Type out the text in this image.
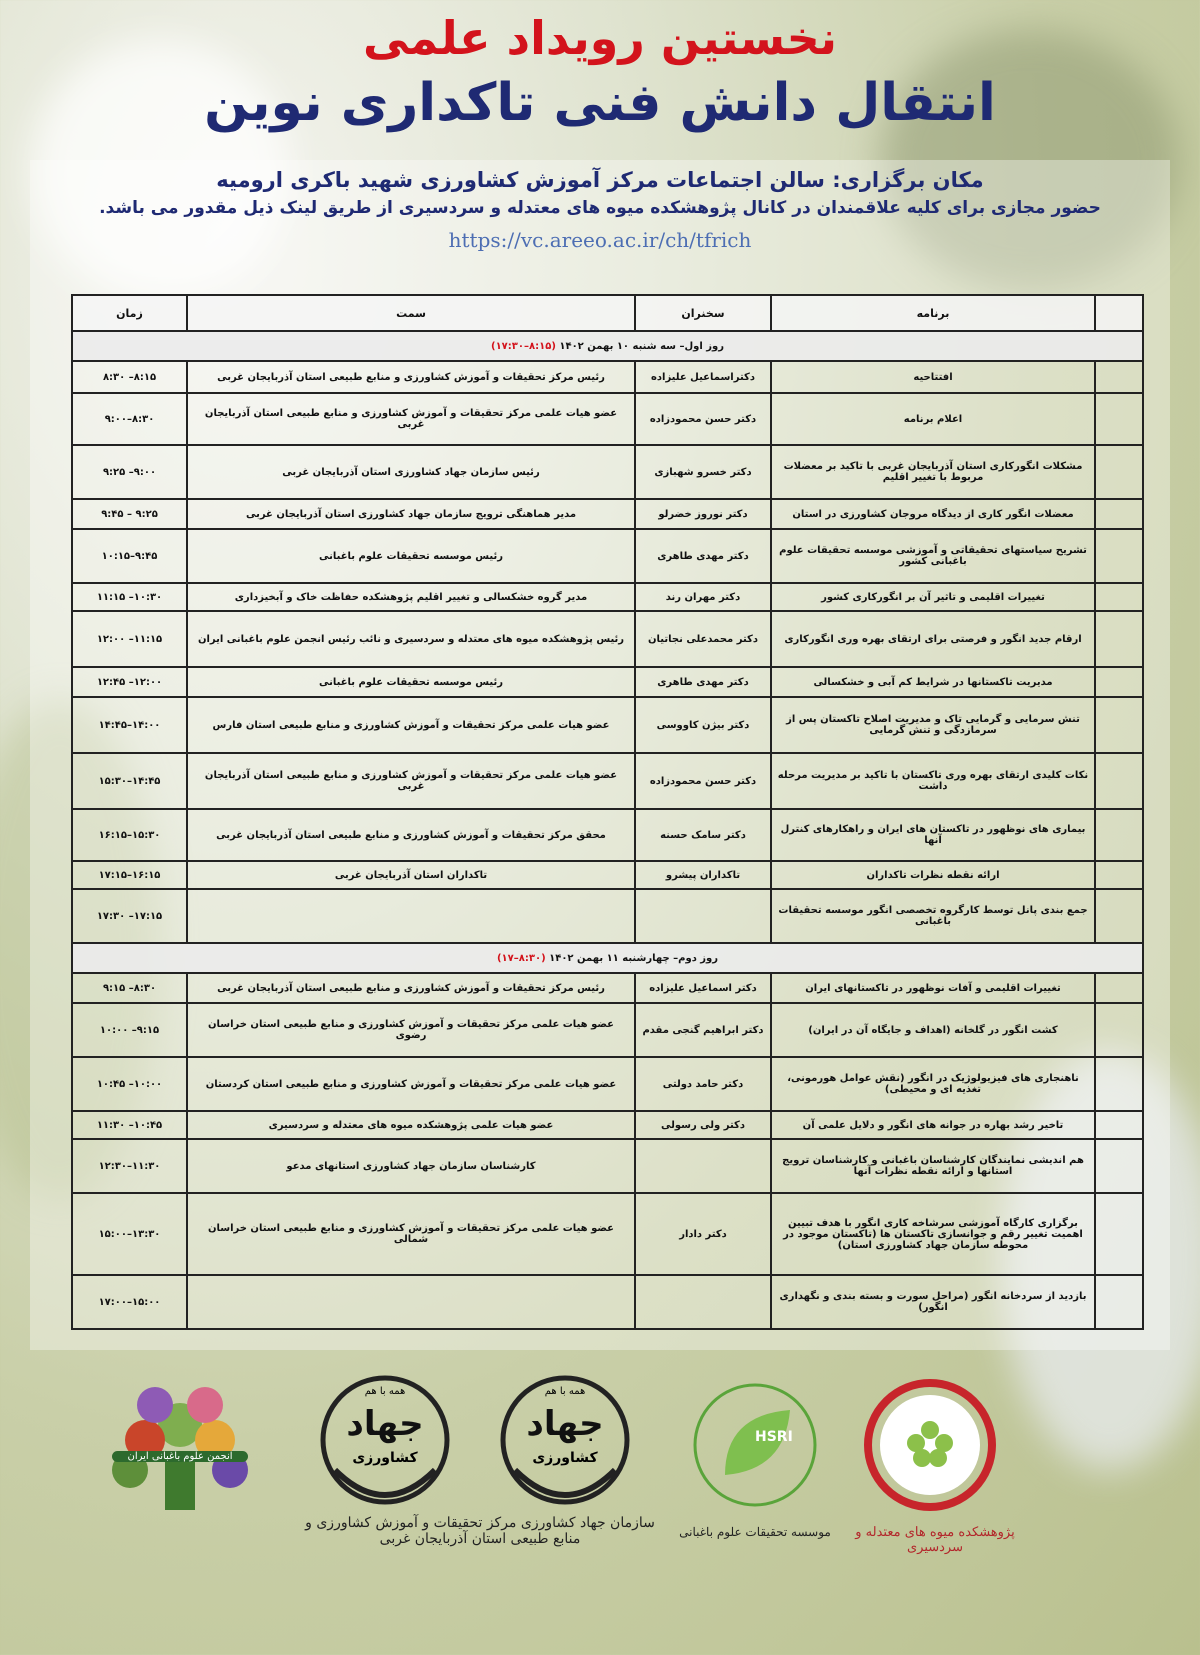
نخستین رویداد علمی
انتقال دانش فنی تاکداری نوین
مکان برگزاری: سالن اجتماعات مرکز آموزش کشاورزی شهید باکری ارومیه
حضور مجازی برای کلیه علاقمندان در کانال پژوهشکده میوه های معتدله و سردسیری از طریق لینک ذیل مقدور می باشد.
https://vc.areeo.ac.ir/ch/tfrich
	برنامه	سخنران	سمت	زمان
روز اول– سه شنبه ۱۰ بهمن ۱۴۰۲ (۸:۱۵–۱۷:۳۰)				
	افتتاحیه	دکتراسماعیل علیزاده	رئیس مرکز تحقیقات و آموزش کشاورزی و منابع طبیعی استان آذربایجان غربی	۸:۱۵– ۸:۳۰
	اعلام برنامه	دکتر حسن محمودزاده	عضو هیات علمی مرکز تحقیقات و آموزش کشاورزی و منابع طبیعی استان آذربایجان غربی	۸:۳۰–۹:۰۰
	مشکلات انگورکاری استان آذربایجان غربی با تاکید بر معضلات مربوط با تغییر اقلیم	دکتر خسرو شهبازی	رئیس سازمان جهاد کشاورزی استان آذربایجان غربی	۹:۰۰– ۹:۲۵
	معضلات انگور کاری از دیدگاه مروجان کشاورزی در استان	دکتر نوروز خضرلو	مدیر هماهنگی ترویج سازمان جهاد کشاورزی استان آذربایجان غربی	۹:۲۵ – ۹:۴۵
	تشریح سیاستهای تحقیقاتی و آموزشی موسسه تحقیقات علوم باغبانی کشور	دکتر مهدی طاهری	رئیس موسسه تحقیقات علوم باغبانی	۹:۴۵–۱۰:۱۵
	تغییرات اقلیمی و تاثیر آن بر انگورکاری کشور	دکتر مهران رند	مدیر گروه خشکسالی و تغییر اقلیم پژوهشکده حفاظت خاک و آبخیزداری	۱۰:۳۰– ۱۱:۱۵
	ارقام جدید انگور و فرصتی برای ارتقای بهره وری انگورکاری	دکتر محمدعلی نجاتیان	رئیس پژوهشکده میوه های معتدله و سردسیری و نائب رئیس انجمن علوم باغبانی ایران	۱۱:۱۵– ۱۲:۰۰
	مدیریت تاکستانها در شرایط کم آبی و خشکسالی	دکتر مهدی طاهری	رئیس موسسه تحقیقات علوم باغبانی	۱۲:۰۰– ۱۲:۴۵
	تنش سرمایی و گرمایی تاک و مدیریت اصلاح تاکستان پس از سرمازدگی و تنش گرمایی	دکتر بیژن کاووسی	عضو هیات علمی مرکز تحقیقات و آموزش کشاورزی و منابع طبیعی استان فارس	۱۴:۰۰–۱۴:۴۵
	نکات کلیدی ارتقای بهره وری تاکستان با تاکید بر مدیریت مرحله داشت	دکتر حسن محمودزاده	عضو هیات علمی مرکز تحقیقات و آموزش کشاورزی و منابع طبیعی استان آذربایجان غربی	۱۴:۴۵–۱۵:۳۰
	بیماری های نوظهور در تاکستان های ایران و راهکارهای کنترل آنها	دکتر سامک حسنه	محقق مرکز تحقیقات و آموزش کشاورزی و منابع طبیعی استان آذربایجان غربی	۱۵:۳۰–۱۶:۱۵
	ارائه نقطه نظرات تاکداران	تاکداران پیشرو	تاکداران استان آذربایجان غربی	۱۶:۱۵–۱۷:۱۵
	جمع بندی پانل توسط کارگروه تخصصی انگور موسسه تحقیقات باغبانی			۱۷:۱۵– ۱۷:۳۰
روز دوم– چهارشنبه ۱۱ بهمن ۱۴۰۲ (۸:۳۰–۱۷)				
	تغییرات اقلیمی و آفات نوظهور در تاکستانهای ایران	دکتر اسماعیل علیزاده	رئیس مرکز تحقیقات و آموزش کشاورزی و منابع طبیعی استان آذربایجان غربی	۸:۳۰– ۹:۱۵
	کشت انگور در گلخانه (اهداف و جایگاه آن در ایران)	دکتر ابراهیم گنجی مقدم	عضو هیات علمی مرکز تحقیقات و آموزش کشاورزی و منابع طبیعی استان خراسان رضوی	۹:۱۵– ۱۰:۰۰
	ناهنجاری های فیزیولوژیک در انگور (نقش عوامل هورمونی، تغذیه ای و محیطی)	دکتر حامد دولتی	عضو هیات علمی مرکز تحقیقات و آموزش کشاورزی و منابع طبیعی استان کردستان	۱۰:۰۰– ۱۰:۴۵
	تاخیر رشد بهاره در جوانه های انگور و دلایل علمی آن	دکتر ولی رسولی	عضو هیات علمی پژوهشکده میوه های معتدله و سردسیری	۱۰:۴۵– ۱۱:۳۰
	هم اندیشی نمایندگان کارشناسان باغبانی و کارشناسان ترویج استانها و ارائه نقطه نظرات آنها		کارشناسان سازمان جهاد کشاورزی استانهای مدعو	۱۱:۳۰–۱۲:۳۰
	برگزاری کارگاه آموزشی سرشاخه کاری انگور با هدف تبیین اهمیت تغییر رقم و جوانسازی تاکستان ها (تاکستان موجود در محوطه سازمان جهاد کشاورزی استان)	دکتر دادار	عضو هیات علمی مرکز تحقیقات و آموزش کشاورزی و منابع طبیعی استان خراسان شمالی	۱۳:۳۰–۱۵:۰۰
	بازدید از سردخانه انگور (مراحل سورت و بسته بندی و نگهداری انگور)			۱۵:۰۰–۱۷:۰۰
انجمن علوم باغبانی ایران
همه با هم
جهاد
کشاورزی
همه با هم
جهاد
کشاورزی
HSRI
سازمان جهاد کشاورزی مرکز تحقیقات و آموزش کشاورزی و منابع طبیعی استان آذربایجان غربی	موسسه تحقیقات علوم باغبانی	پژوهشکده میوه های معتدله و سردسیری
